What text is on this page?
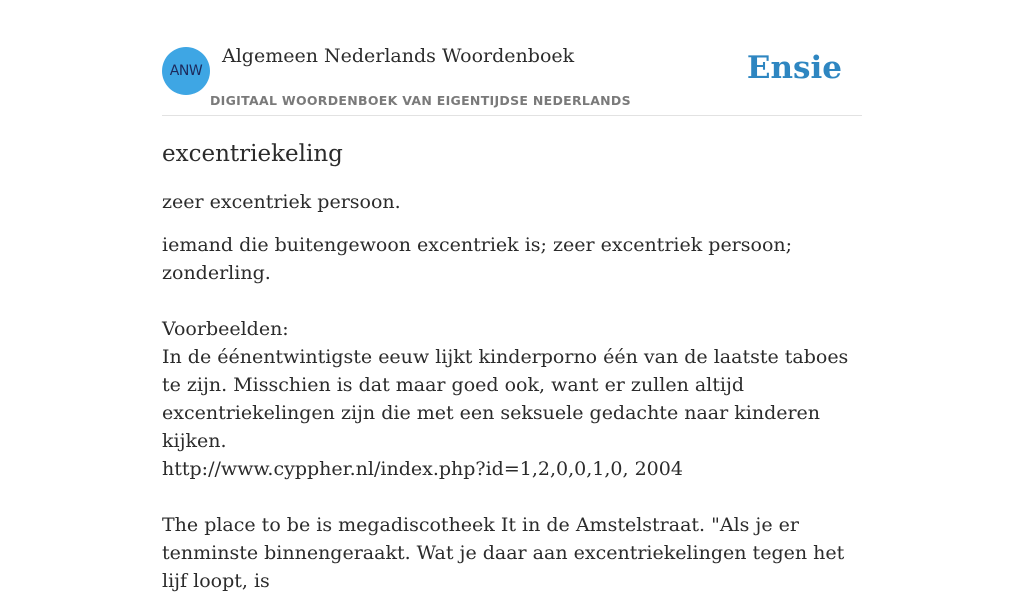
ANW
Algemeen Nederlands Woordenboek
DIGITAAL WOORDENBOEK VAN EIGENTIJDSE NEDERLANDS
Ensie
excentriekeling

zeer excentriek persoon.

iemand die buitengewoon excentriek is; zeer excentriek persoon; zonderling.

Voorbeelden:

In de éénentwintigste eeuw lijkt kinderporno één van de laatste taboes te zijn. Misschien is dat maar goed ook, want er zullen altijd excentriekelingen zijn die met een seksuele gedachte naar kinderen kijken.

http://www.cyppher.nl/index.php?id=1,2,0,0,1,0, 2004

The place to be is megadiscotheek It in de Amstelstraat. "Als je er tenminste binnengeraakt. Wat je daar aan excentriekelingen tegen het lijf loopt, is
